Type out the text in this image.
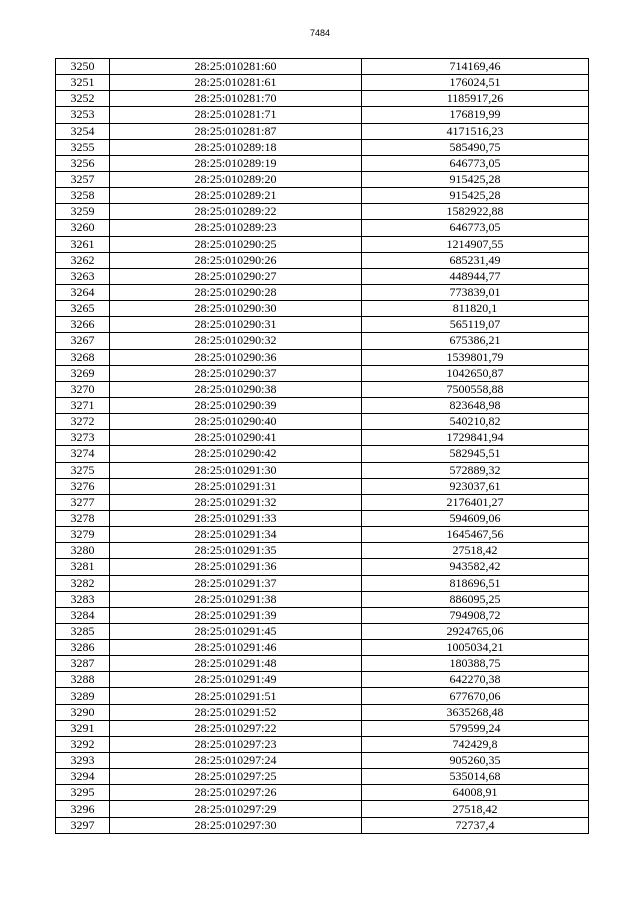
7484
3250	28:25:010281:60	714169,46
3251	28:25:010281:61	176024,51
3252	28:25:010281:70	1185917,26
3253	28:25:010281:71	176819,99
3254	28:25:010281:87	4171516,23
3255	28:25:010289:18	585490,75
3256	28:25:010289:19	646773,05
3257	28:25:010289:20	915425,28
3258	28:25:010289:21	915425,28
3259	28:25:010289:22	1582922,88
3260	28:25:010289:23	646773,05
3261	28:25:010290:25	1214907,55
3262	28:25:010290:26	685231,49
3263	28:25:010290:27	448944,77
3264	28:25:010290:28	773839,01
3265	28:25:010290:30	811820,1
3266	28:25:010290:31	565119,07
3267	28:25:010290:32	675386,21
3268	28:25:010290:36	1539801,79
3269	28:25:010290:37	1042650,87
3270	28:25:010290:38	7500558,88
3271	28:25:010290:39	823648,98
3272	28:25:010290:40	540210,82
3273	28:25:010290:41	1729841,94
3274	28:25:010290:42	582945,51
3275	28:25:010291:30	572889,32
3276	28:25:010291:31	923037,61
3277	28:25:010291:32	2176401,27
3278	28:25:010291:33	594609,06
3279	28:25:010291:34	1645467,56
3280	28:25:010291:35	27518,42
3281	28:25:010291:36	943582,42
3282	28:25:010291:37	818696,51
3283	28:25:010291:38	886095,25
3284	28:25:010291:39	794908,72
3285	28:25:010291:45	2924765,06
3286	28:25:010291:46	1005034,21
3287	28:25:010291:48	180388,75
3288	28:25:010291:49	642270,38
3289	28:25:010291:51	677670,06
3290	28:25:010291:52	3635268,48
3291	28:25:010297:22	579599,24
3292	28:25:010297:23	742429,8
3293	28:25:010297:24	905260,35
3294	28:25:010297:25	535014,68
3295	28:25:010297:26	64008,91
3296	28:25:010297:29	27518,42
3297	28:25:010297:30	72737,4
